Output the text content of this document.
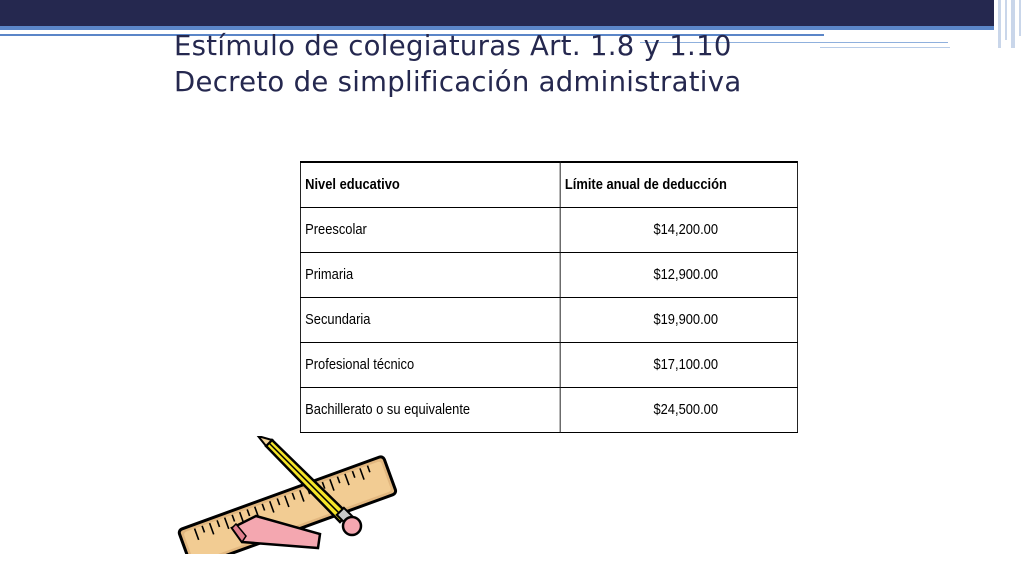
Estímulo de colegiaturas Art. 1.8 y 1.10
Decreto de simplificación administrativa
Nivel educativo	Límite anual de deducción
Preescolar	$14,200.00
Primaria	$12,900.00
Secundaria	$19,900.00
Profesional técnico	$17,100.00
Bachillerato o su equivalente	$24,500.00
